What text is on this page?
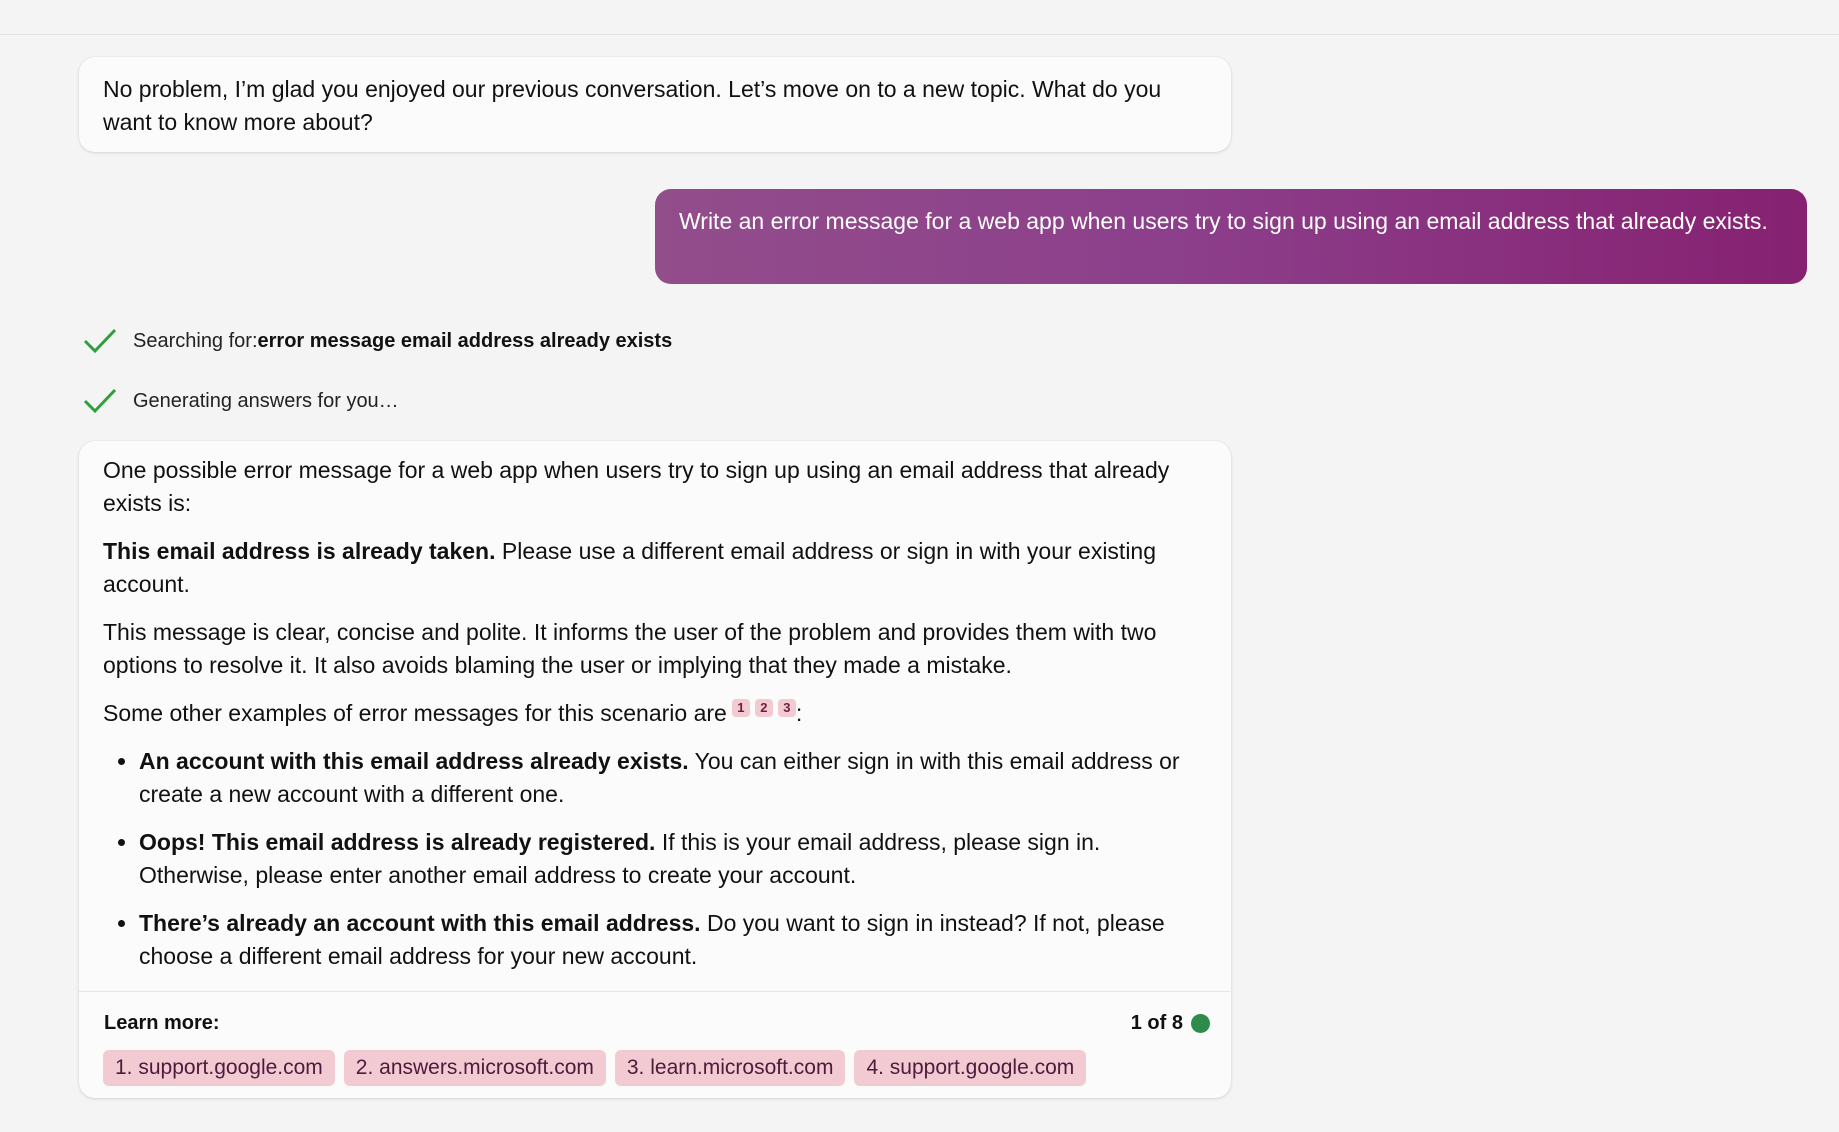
No problem, I’m glad you enjoyed our previous conversation. Let’s move on to a new topic. What do you want to know more about?

Write an error message for a web app when users try to sign up using an email address that already exists.

Searching for: error message email address already exists
Generating answers for you…

One possible error message for a web app when users try to sign up using an email address that already exists is:

This email address is already taken. Please use a different email address or sign in with your existing account.

This message is clear, concise and polite. It informs the user of the problem and provides them with two options to resolve it. It also avoids blaming the user or implying that they made a mistake.

Some other examples of error messages for this scenario are 1 2 3 :

• An account with this email address already exists. You can either sign in with this email address or create a new account with a different one.
• Oops! This email address is already registered. If this is your email address, please sign in. Otherwise, please enter another email address to create your account.
• There’s already an account with this email address. Do you want to sign in instead? If not, please choose a different email address for your new account.
Learn more:	1 of 8
1. support.google.com	2. answers.microsoft.com	3. learn.microsoft.com	4. support.google.com
